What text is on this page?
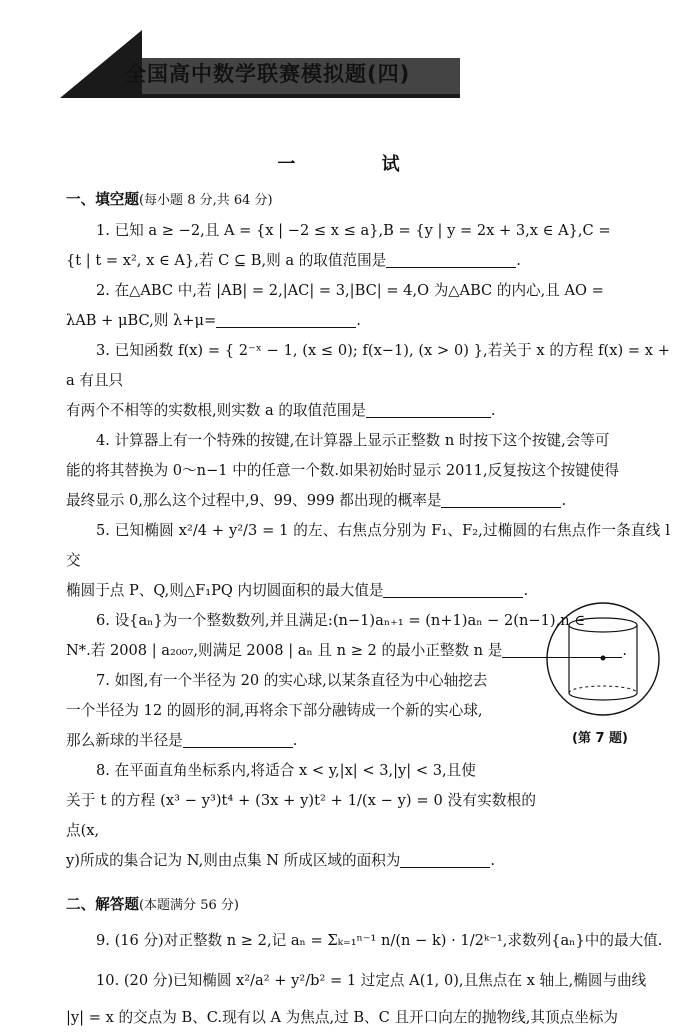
全国高中数学联赛模拟题(四)
一 试
一、填空题(每小题 8 分,共 64 分)

1. 已知 a ≥ −2,且 A = {x | −2 ≤ x ≤ a},B = {y | y = 2x + 3,x ∈ A},C =

{t | t = x², x ∈ A},若 C ⊆ B,则 a 的取值范围是	.

2. 在△ABC 中,若 |AB| = 2,|AC| = 3,|BC| = 4,O 为△ABC 的内心,且 AO =

λAB + μBC,则 λ+μ=	.

3. 已知函数 f(x) = { 2⁻ˣ − 1, (x ≤ 0); f(x−1), (x > 0) },若关于 x 的方程 f(x) = x + a 有且只

有两个不相等的实数根,则实数 a 的取值范围是	.

4. 计算器上有一个特殊的按键,在计算器上显示正整数 n 时按下这个按键,会等可

能的将其替换为 0～n−1 中的任意一个数.如果初始时显示 2011,反复按这个按键使得

最终显示 0,那么这个过程中,9、99、999 都出现的概率是	.

5. 已知椭圆 x²/4 + y²/3 = 1 的左、右焦点分别为 F₁、F₂,过椭圆的右焦点作一条直线 l 交

椭圆于点 P、Q,则△F₁PQ 内切圆面积的最大值是	.

6. 设{aₙ}为一个整数数列,并且满足:(n−1)aₙ₊₁ = (n+1)aₙ − 2(n−1),n ∈

N*.若 2008 | a₂₀₀₇,则满足 2008 | aₙ 且 n ≥ 2 的最小正整数 n 是	.

7. 如图,有一个半径为 20 的实心球,以某条直径为中心轴挖去

一个半径为 12 的圆形的洞,再将余下部分融铸成一个新的实心球,

那么新球的半径是	.

8. 在平面直角坐标系内,将适合 x < y,|x| < 3,|y| < 3,且使

关于 t 的方程 (x³ − y³)t⁴ + (3x + y)t² + 1/(x − y) = 0 没有实数根的点(x,

y)所成的集合记为 N,则由点集 N 所成区域的面积为	.

二、解答题(本题满分 56 分)

9. (16 分)对正整数 n ≥ 2,记 aₙ = Σₖ₌₁ⁿ⁻¹ n/(n − k) · 1/2ᵏ⁻¹,求数列{aₙ}中的最大值.

10. (20 分)已知椭圆 x²/a² + y²/b² = 1 过定点 A(1, 0),且焦点在 x 轴上,椭圆与曲线

|y| = x 的交点为 B、C.现有以 A 为焦点,过 B、C 且开口向左的抛物线,其顶点坐标为

(第 7 题)
